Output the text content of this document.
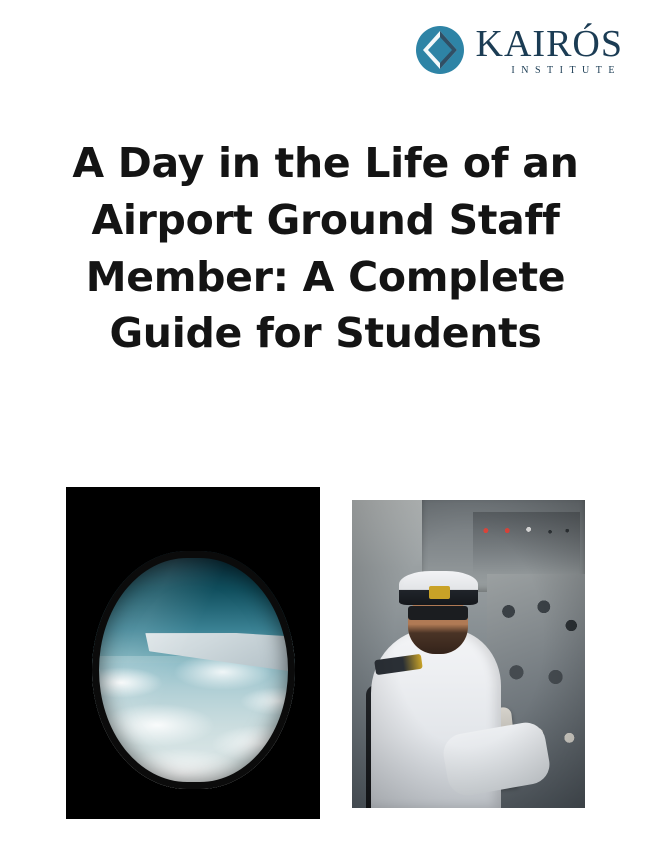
KAIRÓS
INSTITUTE
A Day in the Life of an Airport Ground Staff Member: A Complete Guide for Students
